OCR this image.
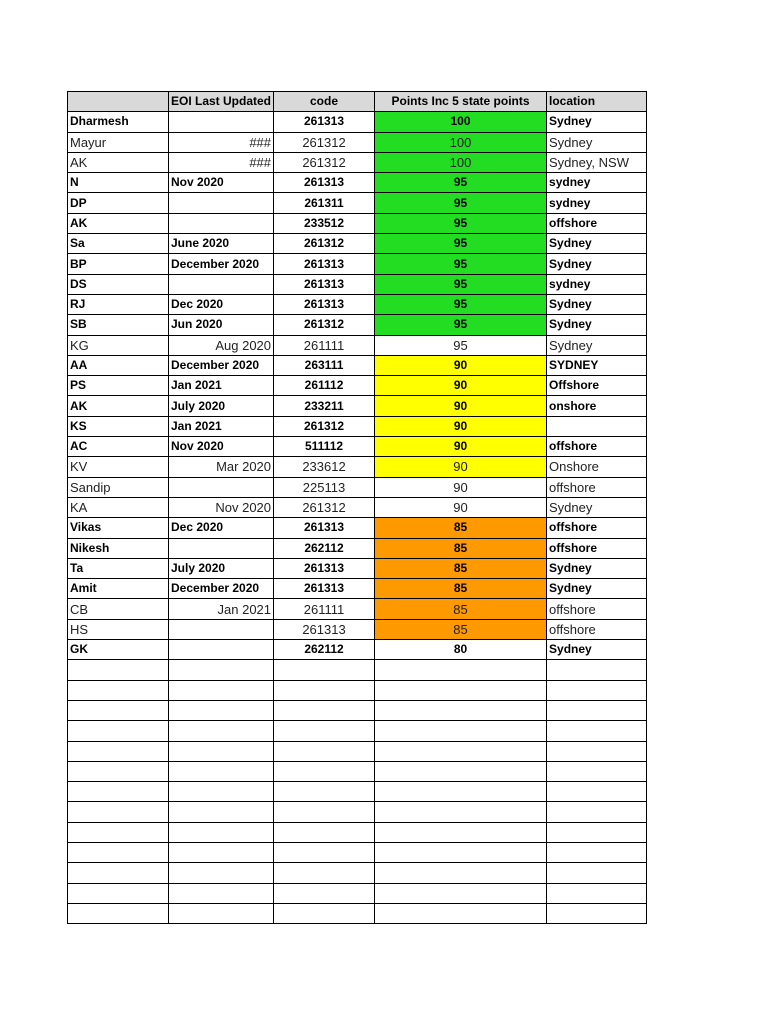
	EOI Last Updated	code	Points Inc 5 state points	location
Dharmesh		261313	100	Sydney
Mayur	###	261312	100	Sydney
AK	###	261312	100	Sydney, NSW
N	Nov 2020	261313	95	sydney
DP		261311	95	sydney
AK		233512	95	offshore
Sa	June 2020	261312	95	Sydney
BP	December 2020	261313	95	Sydney
DS		261313	95	sydney
RJ	Dec 2020	261313	95	Sydney
SB	Jun 2020	261312	95	Sydney
KG	Aug 2020	261111	95	Sydney
AA	December 2020	263111	90	SYDNEY
PS	Jan 2021	261112	90	Offshore
AK	July 2020	233211	90	onshore
KS	Jan 2021	261312	90	
AC	Nov 2020	511112	90	offshore
KV	Mar 2020	233612	90	Onshore
Sandip		225113	90	offshore
KA	Nov 2020	261312	90	Sydney
Vikas	Dec 2020	261313	85	offshore
Nikesh		262112	85	offshore
Ta	July 2020	261313	85	Sydney
Amit	December 2020	261313	85	Sydney
CB	Jan 2021	261111	85	offshore
HS		261313	85	offshore
GK		262112	80	Sydney
